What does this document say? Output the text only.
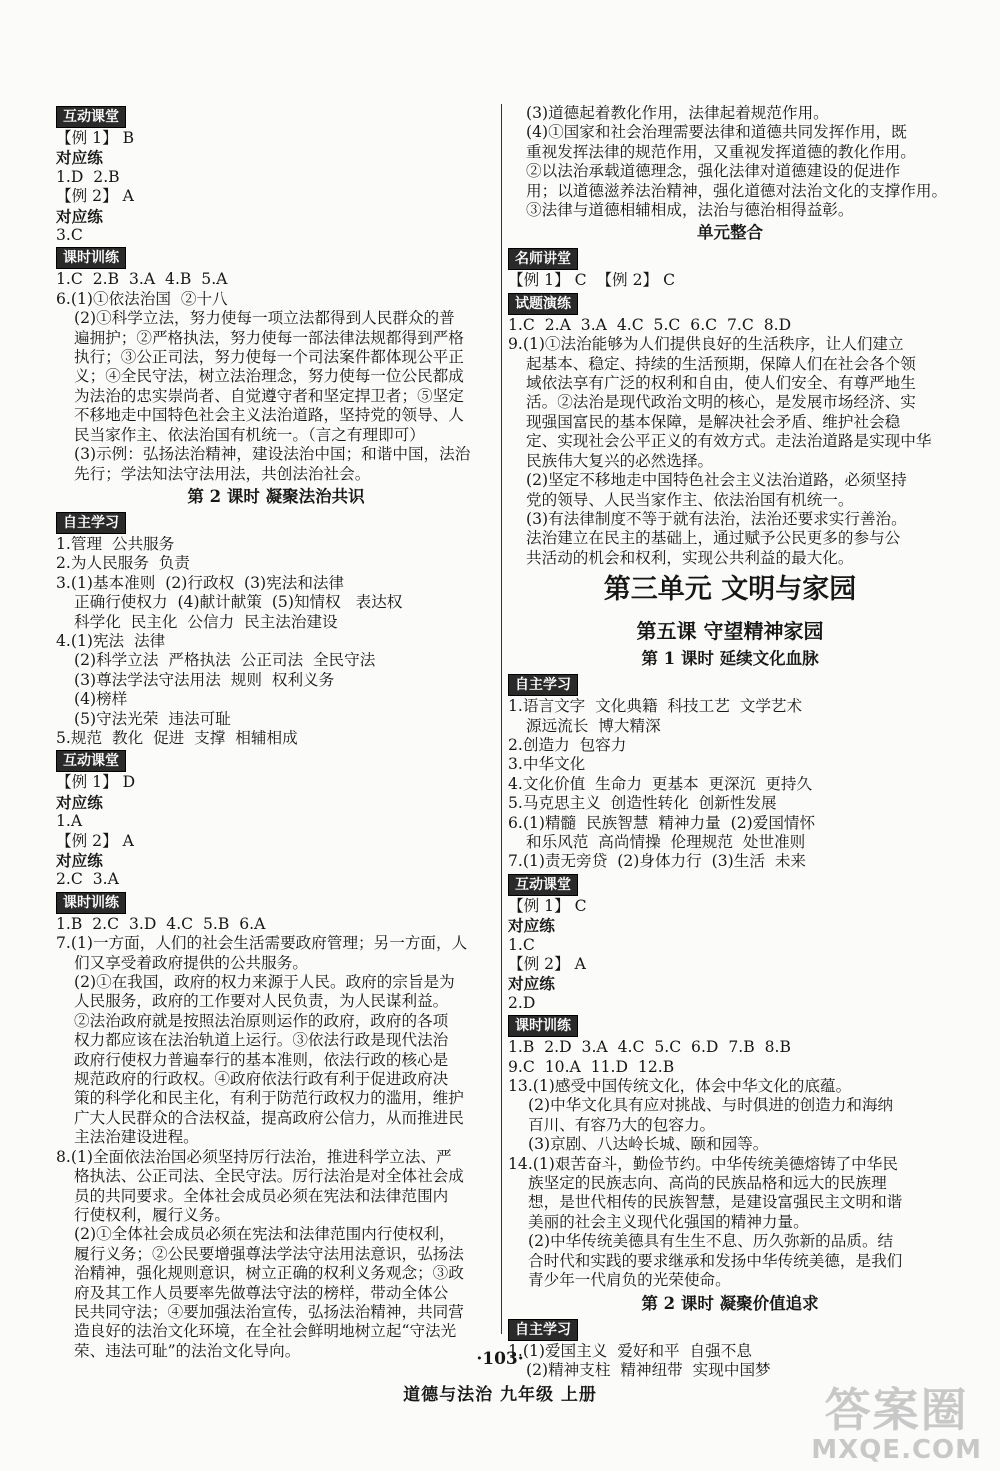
互动课堂
【例 1】 B
对应练
1.D  2.B
【例 2】 A
对应练
3.C
课时训练
1.C  2.B  3.A  4.B  5.A
6.(1)①依法治国  ②十八
(2)①科学立法，努力使每一项立法都得到人民群众的普
遍拥护；②严格执法，努力使每一部法律法规都得到严格
执行；③公正司法，努力使每一个司法案件都体现公平正
义；④全民守法，树立法治理念，努力使每一位公民都成
为法治的忠实崇尚者、自觉遵守者和坚定捍卫者；⑤坚定
不移地走中国特色社会主义法治道路，坚持党的领导、人
民当家作主、依法治国有机统一。（言之有理即可）
(3)示例：弘扬法治精神，建设法治中国；和谐中国，法治
先行；学法知法守法用法，共创法治社会。
第 2 课时 凝聚法治共识
自主学习
1.管理  公共服务
2.为人民服务  负责
3.(1)基本准则  (2)行政权  (3)宪法和法律
正确行使权力  (4)献计献策  (5)知情权   表达权
科学化  民主化  公信力  民主法治建设
4.(1)宪法  法律
(2)科学立法  严格执法  公正司法  全民守法
(3)尊法学法守法用法  规则  权利义务
(4)榜样
(5)守法光荣  违法可耻
5.规范  教化  促进  支撑  相辅相成
互动课堂
【例 1】 D
对应练
1.A
【例 2】 A
对应练
2.C  3.A
课时训练
1.B  2.C  3.D  4.C  5.B  6.A
7.(1)一方面，人们的社会生活需要政府管理；另一方面，人
们又享受着政府提供的公共服务。
(2)①在我国，政府的权力来源于人民。政府的宗旨是为
人民服务，政府的工作要对人民负责，为人民谋利益。
②法治政府就是按照法治原则运作的政府，政府的各项
权力都应该在法治轨道上运行。③依法行政是现代法治
政府行使权力普遍奉行的基本准则，依法行政的核心是
规范政府的行政权。④政府依法行政有利于促进政府决
策的科学化和民主化，有利于防范行政权力的滥用，维护
广大人民群众的合法权益，提高政府公信力，从而推进民
主法治建设进程。
8.(1)全面依法治国必须坚持厉行法治，推进科学立法、严
格执法、公正司法、全民守法。厉行法治是对全体社会成
员的共同要求。全体社会成员必须在宪法和法律范围内
行使权利，履行义务。
(2)①全体社会成员必须在宪法和法律范围内行使权利，
履行义务；②公民要增强尊法学法守法用法意识，弘扬法
治精神，强化规则意识，树立正确的权利义务观念；③政
府及其工作人员要率先做尊法守法的榜样，带动全体公
民共同守法；④要加强法治宣传，弘扬法治精神，共同营
造良好的法治文化环境，在全社会鲜明地树立起“守法光
荣、违法可耻”的法治文化导向。
(3)道德起着教化作用，法律起着规范作用。
(4)①国家和社会治理需要法律和道德共同发挥作用，既
重视发挥法律的规范作用，又重视发挥道德的教化作用。
②以法治承载道德理念，强化法律对道德建设的促进作
用；以道德滋养法治精神，强化道德对法治文化的支撑作用。
③法律与道德相辅相成，法治与德治相得益彰。
单元整合
名师讲堂
【例 1】 C  【例 2】 C
试题演练
1.C  2.A  3.A  4.C  5.C  6.C  7.C  8.D
9.(1)①法治能够为人们提供良好的生活秩序，让人们建立
起基本、稳定、持续的生活预期，保障人们在社会各个领
域依法享有广泛的权利和自由，使人们安全、有尊严地生
活。②法治是现代政治文明的核心，是发展市场经济、实
现强国富民的基本保障，是解决社会矛盾、维护社会稳
定、实现社会公平正义的有效方式。走法治道路是实现中华
民族伟大复兴的必然选择。
(2)坚定不移地走中国特色社会主义法治道路，必须坚持
党的领导、人民当家作主、依法治国有机统一。
(3)有法律制度不等于就有法治，法治还要求实行善治。
法治建立在民主的基础上，通过赋予公民更多的参与公
共活动的机会和权利，实现公共利益的最大化。
第三单元 文明与家园
第五课 守望精神家园
第 1 课时 延续文化血脉
自主学习
1.语言文字  文化典籍  科技工艺  文学艺术
源远流长  博大精深
2.创造力  包容力
3.中华文化
4.文化价值  生命力  更基本  更深沉  更持久
5.马克思主义  创造性转化  创新性发展
6.(1)精髓  民族智慧  精神力量  (2)爱国情怀
和乐风范  高尚情操  伦理规范  处世准则
7.(1)责无旁贷  (2)身体力行  (3)生活  未来
互动课堂
【例 1】 C
对应练
1.C
【例 2】 A
对应练
2.D
课时训练
1.B  2.D  3.A  4.C  5.C  6.D  7.B  8.B
9.C  10.A  11.D  12.B
13.(1)感受中国传统文化，体会中华文化的底蕴。
(2)中华文化具有应对挑战、与时俱进的创造力和海纳
百川、有容乃大的包容力。
(3)京剧、八达岭长城、颐和园等。
14.(1)艰苦奋斗，勤俭节约。中华传统美德熔铸了中华民
族坚定的民族志向、高尚的民族品格和远大的民族理
想，是世代相传的民族智慧，是建设富强民主文明和谐
美丽的社会主义现代化强国的精神力量。
(2)中华传统美德具有生生不息、历久弥新的品质。结
合时代和实践的要求继承和发扬中华传统美德，是我们
青少年一代肩负的光荣使命。
第 2 课时 凝聚价值追求
自主学习
1.(1)爱国主义  爱好和平  自强不息
(2)精神支柱  精神纽带  实现中国梦
·103·
道德与法治 九年级 上册	答案圈
MXQE.COM
